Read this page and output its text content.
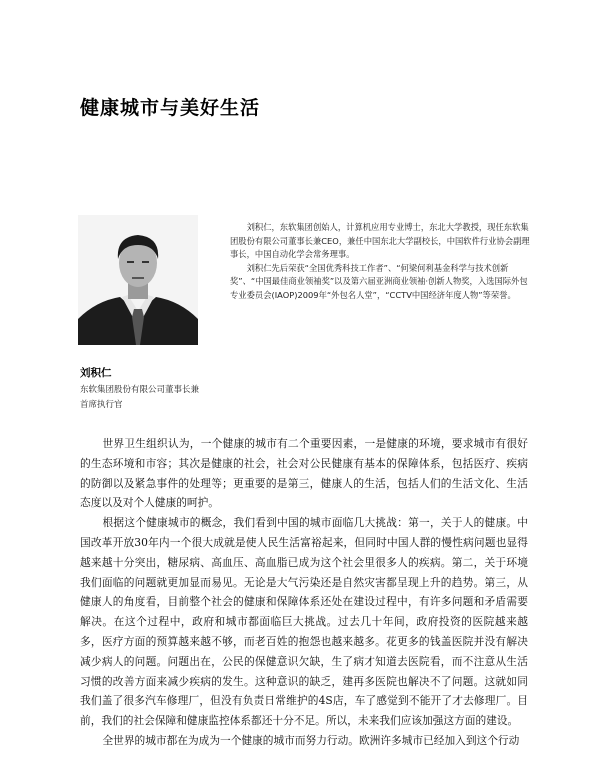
健康城市与美好生活

刘积仁，东软集团创始人，计算机应用专业博士，东北大学教授，现任东软集团股份有限公司董事长兼CEO，兼任中国东北大学副校长，中国软件行业协会副理事长，中国自动化学会常务理事。

刘积仁先后荣获“全国优秀科技工作者”、“何梁何利基金科学与技术创新奖”、“中国最佳商业领袖奖”以及第六届亚洲商业领袖·创新人物奖，入选国际外包专业委员会(IAOP)2009年“外包名人堂”，“CCTV中国经济年度人物”等荣誉。

刘积仁
东软集团股份有限公司董事长兼
首席执行官

世界卫生组织认为，一个健康的城市有二个重要因素，一是健康的环境，要求城市有很好的生态环境和市容；其次是健康的社会，社会对公民健康有基本的保障体系，包括医疗、疾病的防御以及紧急事件的处理等；更重要的是第三，健康人的生活，包括人们的生活文化、生活态度以及对个人健康的呵护。

根据这个健康城市的概念，我们看到中国的城市面临几大挑战：第一，关于人的健康。中国改革开放30年内一个很大成就是使人民生活富裕起来，但同时中国人群的慢性病问题也显得越来越十分突出，糖尿病、高血压、高血脂已成为这个社会里很多人的疾病。第二，关于环境我们面临的问题就更加显而易见。无论是大气污染还是自然灾害都呈现上升的趋势。第三，从健康人的角度看，目前整个社会的健康和保障体系还处在建设过程中，有许多问题和矛盾需要解决。在这个过程中，政府和城市都面临巨大挑战。过去几十年间，政府投资的医院越来越多，医疗方面的预算越来越不够，而老百姓的抱怨也越来越多。花更多的钱盖医院并没有解决减少病人的问题。问题出在，公民的保健意识欠缺，生了病才知道去医院看，而不注意从生活习惯的改善方面来减少疾病的发生。这种意识的缺乏，建再多医院也解决不了问题。这就如同我们盖了很多汽车修理厂，但没有负责日常维护的4S店，车了感觉到不能开了才去修理厂。目前，我们的社会保障和健康监控体系都还十分不足。所以，未来我们应该加强这方面的建设。

全世界的城市都在为成为一个健康的城市而努力行动。欧洲许多城市已经加入到这个行动
